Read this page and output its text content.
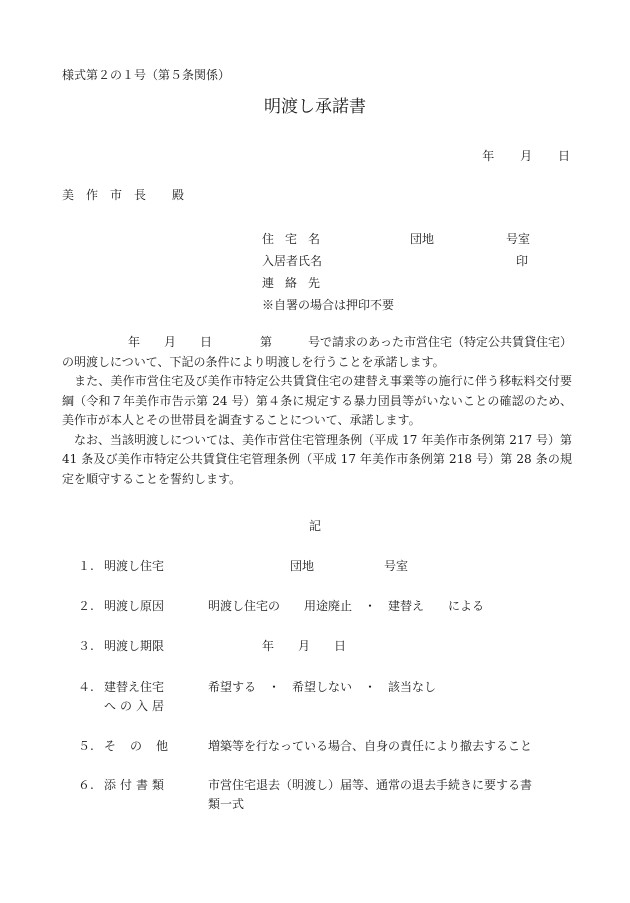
様式第２の１号（第５条関係）
明渡し承諾書
年 月 日
美作市長 殿
住宅名	団地	号室
入居者氏名	印
連絡先
※自署の場合は押印不要

年　　月　　日　　　　第　　　号で請求のあった市営住宅（特定公共賃貸住宅）の明渡しについて、下記の条件により明渡しを行うことを承諾します。

また、美作市営住宅及び美作市特定公共賃貸住宅の建替え事業等の施行に伴う移転料交付要綱（令和７年美作市告示第 24 号）第４条に規定する暴力団員等がいないことの確認のため、美作市が本人とその世帯員を調査することについて、承諾します。

なお、当該明渡しについては、美作市営住宅管理条例（平成 17 年美作市条例第 217 号）第 41 条及び美作市特定公共賃貸住宅管理条例（平成 17 年美作市条例第 218 号）第 28 条の規定を順守することを誓約します。

記
１. 明渡し住宅	団地	号室
２. 明渡し原因	明渡し住宅の　　用途廃止　・　建替え　　による
３. 明渡し期限	年　　月　　日
４. 建替え住宅	希望する　・　希望しない　・　該当なし
への入居
５. その他 増築等を行なっている場合、自身の責任により撤去すること
６. 添付書類	市営住宅退去（明渡し）届等、通常の退去手続きに要する書
類一式
